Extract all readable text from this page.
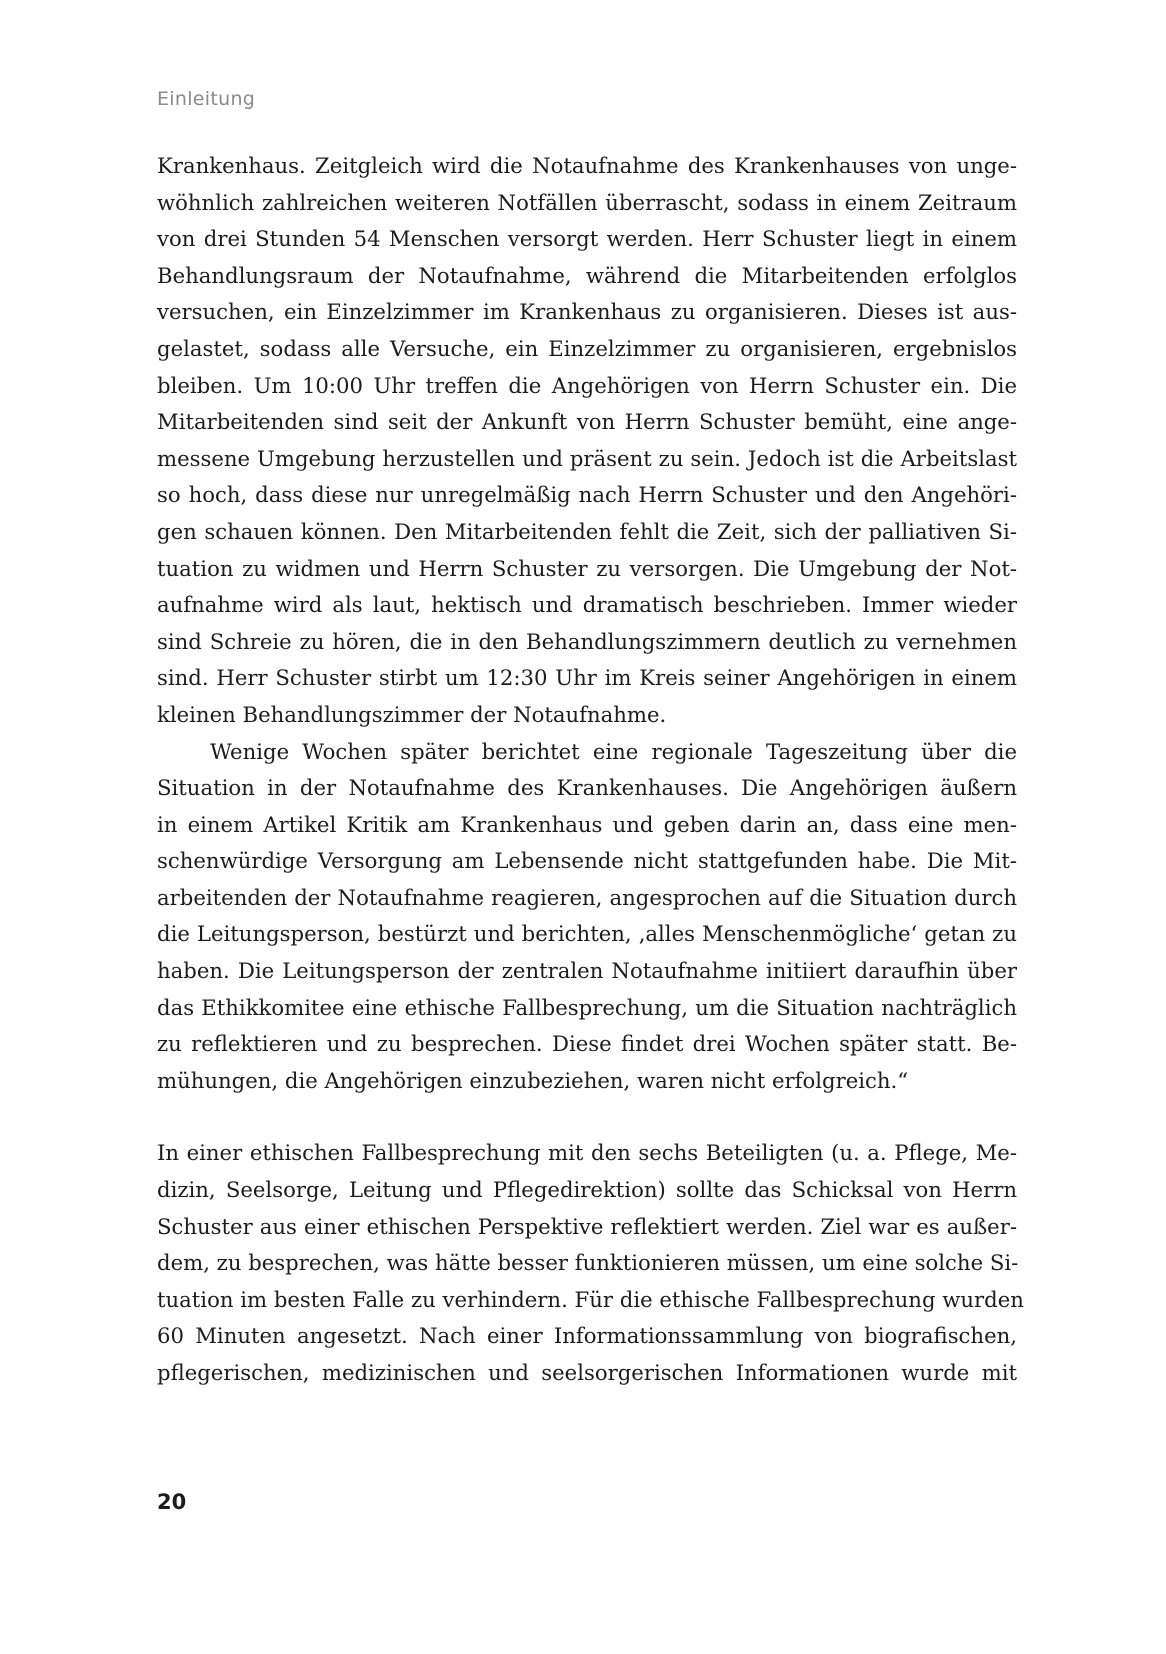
Einleitung
Krankenhaus. Zeitgleich wird die Notaufnahme des Krankenhauses von unge-
wöhnlich zahlreichen weiteren Notfällen überrascht, sodass in einem Zeitraum
von drei Stunden 54 Menschen versorgt werden. Herr Schuster liegt in einem
Behandlungsraum der Notaufnahme, während die Mitarbeitenden erfolglos
versuchen, ein Einzelzimmer im Krankenhaus zu organisieren. Dieses ist aus-
gelastet, sodass alle Versuche, ein Einzelzimmer zu organisieren, ergebnislos
bleiben. Um 10:00 Uhr treffen die Angehörigen von Herrn Schuster ein. Die
Mitarbeitenden sind seit der Ankunft von Herrn Schuster bemüht, eine ange-
messene Umgebung herzustellen und präsent zu sein. Jedoch ist die Arbeitslast
so hoch, dass diese nur unregelmäßig nach Herrn Schuster und den Angehöri-
gen schauen können. Den Mitarbeitenden fehlt die Zeit, sich der palliativen Si-
tuation zu widmen und Herrn Schuster zu versorgen. Die Umgebung der Not-
aufnahme wird als laut, hektisch und dramatisch beschrieben. Immer wieder
sind Schreie zu hören, die in den Behandlungszimmern deutlich zu vernehmen
sind. Herr Schuster stirbt um 12:30 Uhr im Kreis seiner Angehörigen in einem
kleinen Behandlungszimmer der Notaufnahme.
Wenige Wochen später berichtet eine regionale Tageszeitung über die
Situation in der Notaufnahme des Krankenhauses. Die Angehörigen äußern
in einem Artikel Kritik am Krankenhaus und geben darin an, dass eine men-
schenwürdige Versorgung am Lebensende nicht stattgefunden habe. Die Mit-
arbeitenden der Notaufnahme reagieren, angesprochen auf die Situation durch
die Leitungsperson, bestürzt und berichten, ‚alles Menschenmögliche‘ getan zu
haben. Die Leitungsperson der zentralen Notaufnahme initiiert daraufhin über
das Ethikkomitee eine ethische Fallbesprechung, um die Situation nachträglich
zu reflektieren und zu besprechen. Diese findet drei Wochen später statt. Be-
mühungen, die Angehörigen einzubeziehen, waren nicht erfolgreich.“
In einer ethischen Fallbesprechung mit den sechs Beteiligten (u. a. Pflege, Me-
dizin, Seelsorge, Leitung und Pflegedirektion) sollte das Schicksal von Herrn
Schuster aus einer ethischen Perspektive reflektiert werden. Ziel war es außer-
dem, zu besprechen, was hätte besser funktionieren müssen, um eine solche Si-
tuation im besten Falle zu verhindern. Für die ethische Fallbesprechung wurden
60 Minuten angesetzt. Nach einer Informationssammlung von biografischen,
pflegerischen, medizinischen und seelsorgerischen Informationen wurde mit
20
